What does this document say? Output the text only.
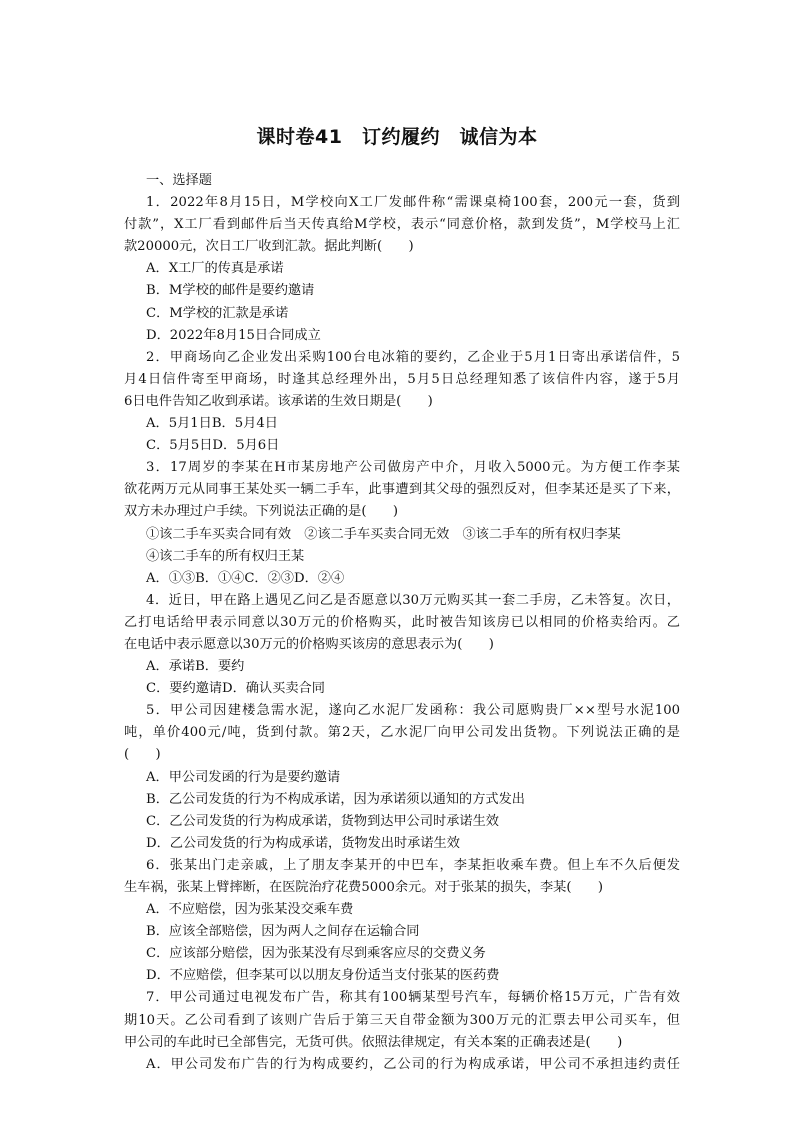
课时卷41　订约履约　诚信为本
一、选择题
1．2022年8月15日，M学校向X工厂发邮件称“需课桌椅100套，200元一套，货到
付款”，X工厂看到邮件后当天传真给M学校，表示“同意价格，款到发货”，M学校马上汇
款20000元，次日工厂收到汇款。据此判断(　　)
A．X工厂的传真是承诺
B．M学校的邮件是要约邀请
C．M学校的汇款是承诺
D．2022年8月15日合同成立
2．甲商场向乙企业发出采购100台电冰箱的要约，乙企业于5月1日寄出承诺信件，5
月4日信件寄至甲商场，时逢其总经理外出，5月5日总经理知悉了该信件内容，遂于5月
6日电件告知乙收到承诺。该承诺的生效日期是(　　)
A．5月1日B．5月4日
C．5月5日D．5月6日
3．17周岁的李某在H市某房地产公司做房产中介，月收入5000元。为方便工作李某
欲花两万元从同事王某处买一辆二手车，此事遭到其父母的强烈反对，但李某还是买了下来，
双方未办理过户手续。下列说法正确的是(　　)
①该二手车买卖合同有效　②该二手车买卖合同无效　③该二手车的所有权归李某
④该二手车的所有权归王某
A．①③B．①④C．②③D．②④
4．近日，甲在路上遇见乙问乙是否愿意以30万元购买其一套二手房，乙未答复。次日，
乙打电话给甲表示同意以30万元的价格购买，此时被告知该房已以相同的价格卖给丙。乙
在电话中表示愿意以30万元的价格购买该房的意思表示为(　　)
A．承诺B．要约
C．要约邀请D．确认买卖合同
5．甲公司因建楼急需水泥，遂向乙水泥厂发函称：我公司愿购贵厂××型号水泥100
吨，单价400元/吨，货到付款。第2天，乙水泥厂向甲公司发出货物。下列说法正确的是
(　　)
A．甲公司发函的行为是要约邀请
B．乙公司发货的行为不构成承诺，因为承诺须以通知的方式发出
C．乙公司发货的行为构成承诺，货物到达甲公司时承诺生效
D．乙公司发货的行为构成承诺，货物发出时承诺生效
6．张某出门走亲戚，上了朋友李某开的中巴车，李某拒收乘车费。但上车不久后便发
生车祸，张某上臂摔断，在医院治疗花费5000余元。对于张某的损失，李某(　　)
A．不应赔偿，因为张某没交乘车费
B．应该全部赔偿，因为两人之间存在运输合同
C．应该部分赔偿，因为张某没有尽到乘客应尽的交费义务
D．不应赔偿，但李某可以以朋友身份适当支付张某的医药费
7．甲公司通过电视发布广告，称其有100辆某型号汽车，每辆价格15万元，广告有效
期10天。乙公司看到了该则广告后于第三天自带金额为300万元的汇票去甲公司买车，但
甲公司的车此时已全部售完，无货可供。依照法律规定，有关本案的正确表述是(　　)
A．甲公司发布广告的行为构成要约，乙公司的行为构成承诺，甲公司不承担违约责任
